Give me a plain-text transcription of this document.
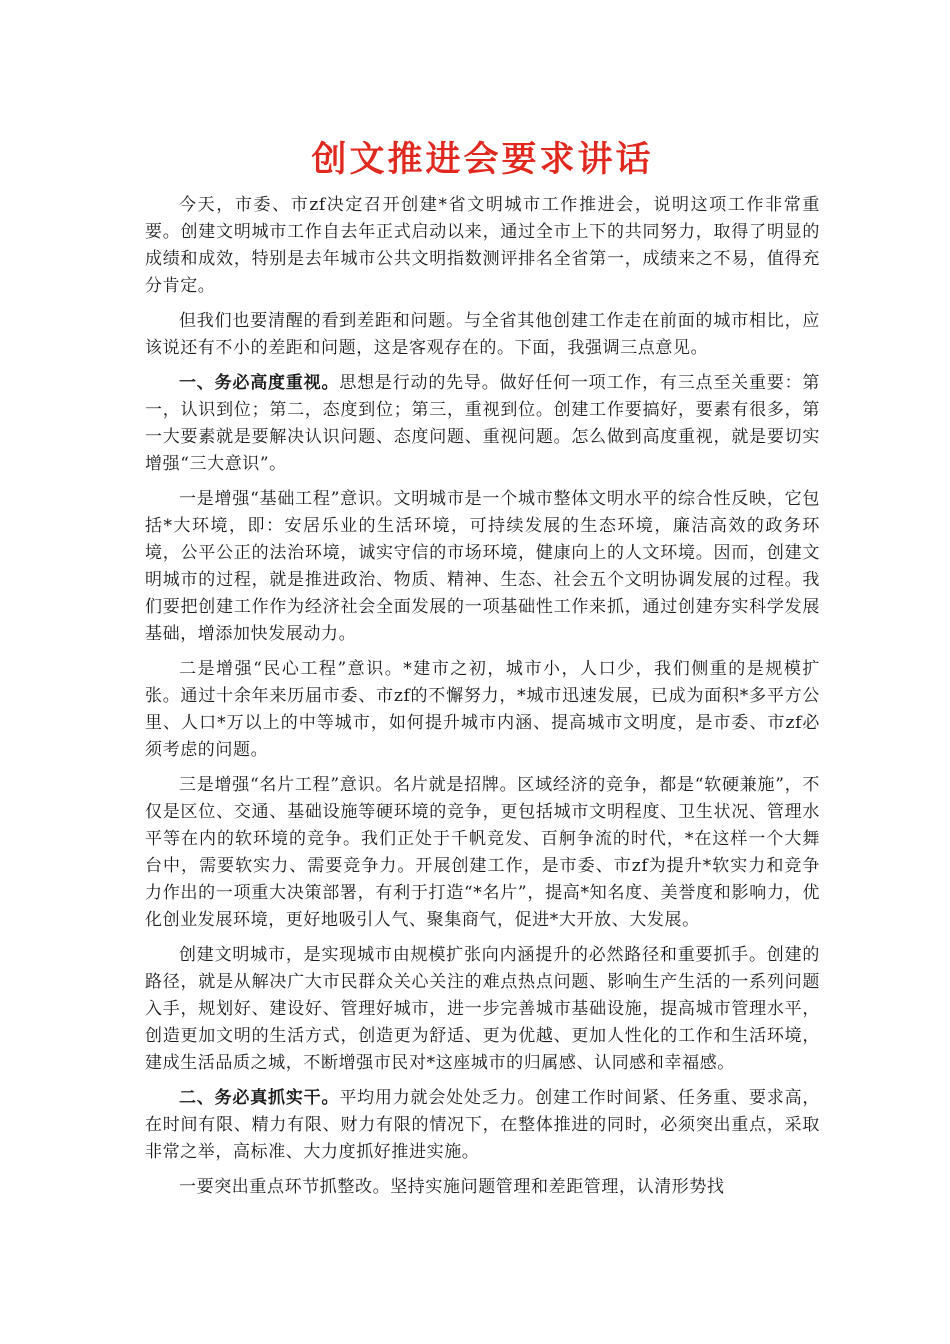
创文推进会要求讲话

今天，市委、市zf决定召开创建*省文明城市工作推进会，说明这项工作非常重要。创建文明城市工作自去年正式启动以来，通过全市上下的共同努力，取得了明显的成绩和成效，特别是去年城市公共文明指数测评排名全省第一，成绩来之不易，值得充分肯定。

但我们也要清醒的看到差距和问题。与全省其他创建工作走在前面的城市相比，应该说还有不小的差距和问题，这是客观存在的。下面，我强调三点意见。

一、务必高度重视。思想是行动的先导。做好任何一项工作，有三点至关重要：第一，认识到位；第二，态度到位；第三，重视到位。创建工作要搞好，要素有很多，第一大要素就是要解决认识问题、态度问题、重视问题。怎么做到高度重视，就是要切实增强“三大意识”。

一是增强“基础工程”意识。文明城市是一个城市整体文明水平的综合性反映，它包括*大环境，即：安居乐业的生活环境，可持续发展的生态环境，廉洁高效的政务环境，公平公正的法治环境，诚实守信的市场环境，健康向上的人文环境。因而，创建文明城市的过程，就是推进政治、物质、精神、生态、社会五个文明协调发展的过程。我们要把创建工作作为经济社会全面发展的一项基础性工作来抓，通过创建夯实科学发展基础，增添加快发展动力。

二是增强“民心工程”意识。*建市之初，城市小，人口少，我们侧重的是规模扩张。通过十余年来历届市委、市zf的不懈努力，*城市迅速发展，已成为面积*多平方公里、人口*万以上的中等城市，如何提升城市内涵、提高城市文明度，是市委、市zf必须考虑的问题。

三是增强“名片工程”意识。名片就是招牌。区域经济的竞争，都是“软硬兼施”，不仅是区位、交通、基础设施等硬环境的竞争，更包括城市文明程度、卫生状况、管理水平等在内的软环境的竞争。我们正处于千帆竞发、百舸争流的时代，*在这样一个大舞台中，需要软实力、需要竞争力。开展创建工作，是市委、市zf为提升*软实力和竞争力作出的一项重大决策部署，有利于打造“*名片”，提高*知名度、美誉度和影响力，优化创业发展环境，更好地吸引人气、聚集商气，促进*大开放、大发展。

创建文明城市，是实现城市由规模扩张向内涵提升的必然路径和重要抓手。创建的路径，就是从解决广大市民群众关心关注的难点热点问题、影响生产生活的一系列问题入手，规划好、建设好、管理好城市，进一步完善城市基础设施，提高城市管理水平，创造更加文明的生活方式，创造更为舒适、更为优越、更加人性化的工作和生活环境，建成生活品质之城，不断增强市民对*这座城市的归属感、认同感和幸福感。

二、务必真抓实干。平均用力就会处处乏力。创建工作时间紧、任务重、要求高，在时间有限、精力有限、财力有限的情况下，在整体推进的同时，必须突出重点，采取非常之举，高标准、大力度抓好推进实施。

一要突出重点环节抓整改。坚持实施问题管理和差距管理，认清形势找
